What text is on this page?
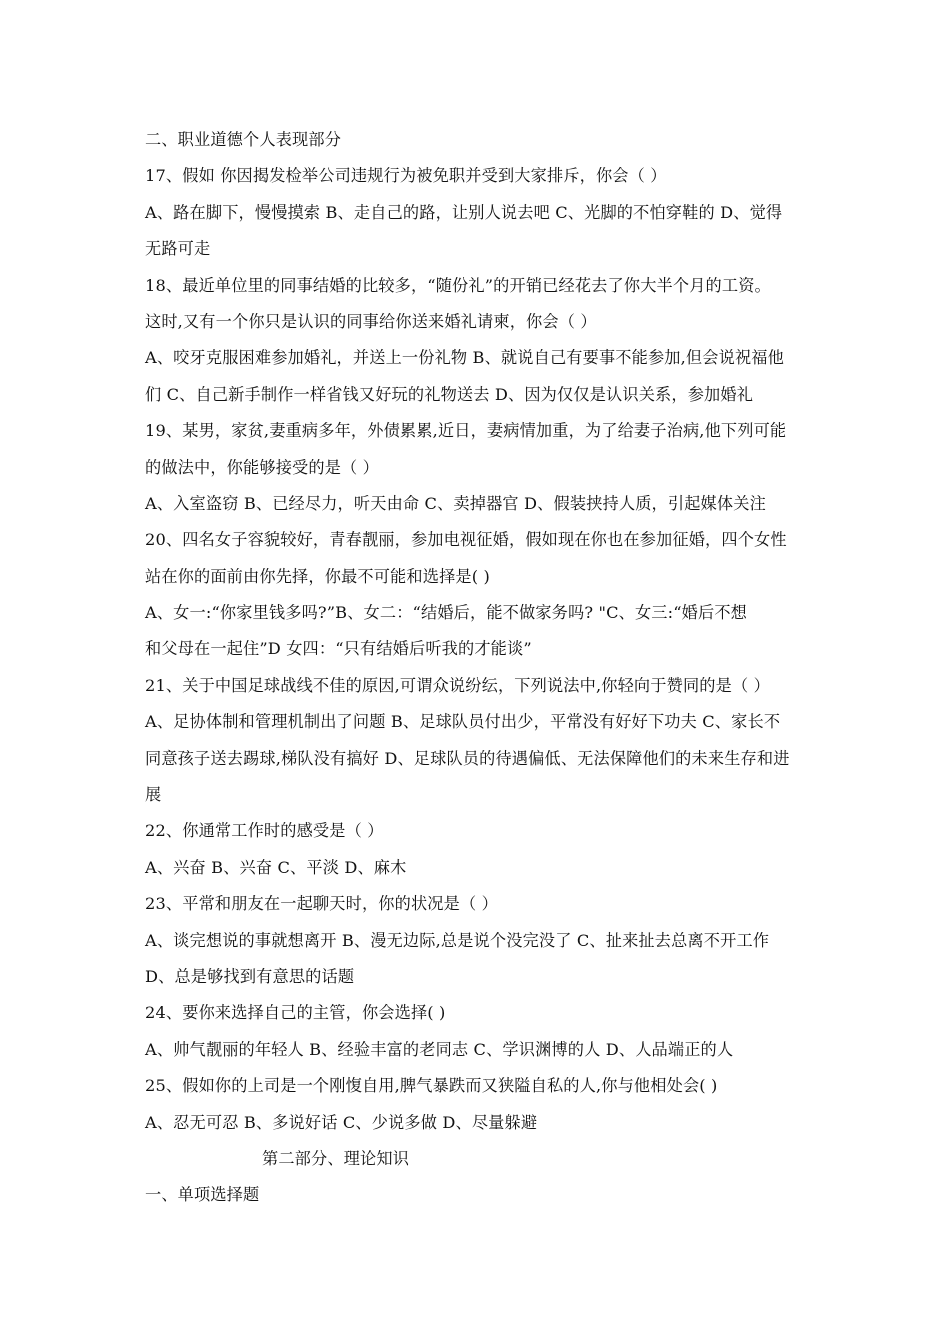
二、职业道德个人表现部分
17、假如 你因揭发检举公司违规行为被免职并受到大家排斥，你会（ ）
A、路在脚下，慢慢摸索 B、走自己的路，让别人说去吧 C、光脚的不怕穿鞋的 D、觉得
无路可走
18、最近单位里的同事结婚的比较多，“随份礼”的开销已经花去了你大半个月的工资。
这时,又有一个你只是认识的同事给你送来婚礼请柬，你会（ ）
A、咬牙克服困难参加婚礼，并送上一份礼物 B、就说自己有要事不能参加,但会说祝福他
们 C、自己新手制作一样省钱又好玩的礼物送去 D、因为仅仅是认识关系，参加婚礼
19、某男，家贫,妻重病多年，外债累累,近日，妻病情加重，为了给妻子治病,他下列可能
的做法中，你能够接受的是（ ）
A、入室盗窃 B、已经尽力，听天由命 C、卖掉器官 D、假装挟持人质，引起媒体关注
20、四名女子容貌较好，青春靓丽，参加电视征婚，假如现在你也在参加征婚，四个女性
站在你的面前由你先择，你最不可能和选择是( )
A、女一:“你家里钱多吗?”B、女二：“结婚后，能不做家务吗? "C、女三:“婚后不想
和父母在一起住”D 女四：“只有结婚后听我的才能谈”
21、关于中国足球战线不佳的原因,可谓众说纷纭，下列说法中,你轻向于赞同的是（ ）
A、足协体制和管理机制出了问题 B、足球队员付出少，平常没有好好下功夫 C、家长不
同意孩子送去踢球,梯队没有搞好 D、足球队员的待遇偏低、无法保障他们的未来生存和进
展
22、你通常工作时的感受是（ ）
A、兴奋 B、兴奋 C、平淡 D、麻木
23、平常和朋友在一起聊天时，你的状况是（ ）
A、谈完想说的事就想离开 B、漫无边际,总是说个没完没了 C、扯来扯去总离不开工作
D、总是够找到有意思的话题
24、要你来选择自己的主管，你会选择( )
A、帅气靓丽的年轻人 B、经验丰富的老同志 C、学识渊博的人 D、人品端正的人
25、假如你的上司是一个刚愎自用,脾气暴跌而又狭隘自私的人,你与他相处会( )
A、忍无可忍 B、多说好话 C、少说多做 D、尽量躲避
第二部分、理论知识
一、单项选择题
